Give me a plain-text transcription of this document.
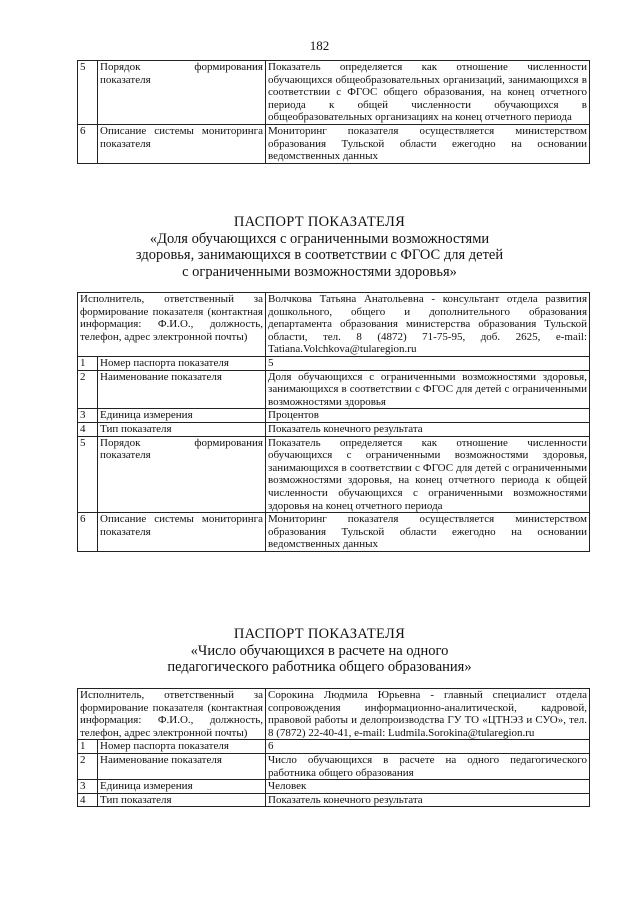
182
5	Порядок формирования показателя	Показатель определяется как отношение численности обучающихся общеобразовательных организаций, занимающихся в соответствии с ФГОС общего образования, на конец отчетного периода к общей численности обучающихся в общеобразовательных организациях на конец отчетного периода
6	Описание системы мониторинга показателя	Мониторинг показателя осуществляется министерством образования Тульской области ежегодно на основании ведомственных данных
ПАСПОРТ ПОКАЗАТЕЛЯ
«Доля обучающихся с ограниченными возможностями
здоровья, занимающихся в соответствии с ФГОС для детей
с ограниченными возможностями здоровья»
Исполнитель, ответственный за формирование показателя (контактная информация: Ф.И.О., должность, телефон, адрес электронной почты)		Волчкова Татьяна Анатольевна - консультант отдела развития дошкольного, общего и дополнительного образования департамента образования министерства образования Тульской области, тел. 8 (4872) 71-75-95, доб. 2625, e-mail: Tatiana.Volchkova@tularegion.ru
1	Номер паспорта показателя	5
2	Наименование показателя	Доля обучающихся с ограниченными возможностями здоровья, занимающихся в соответствии с ФГОС для детей с ограниченными возможностями здоровья
3	Единица измерения	Процентов
4	Тип показателя	Показатель конечного результата
5	Порядок формирования показателя	Показатель определяется как отношение численности обучающихся с ограниченными возможностями здоровья, занимающихся в соответствии с ФГОС для детей с ограниченными возможностями здоровья, на конец отчетного периода к общей численности обучающихся с ограниченными возможностями здоровья на конец отчетного периода
6	Описание системы мониторинга показателя	Мониторинг показателя осуществляется министерством образования Тульской области ежегодно на основании ведомственных данных
ПАСПОРТ ПОКАЗАТЕЛЯ
«Число обучающихся в расчете на одного
педагогического работника общего образования»
Исполнитель, ответственный за формирование показателя (контактная информация: Ф.И.О., должность, телефон, адрес электронной почты)		Сорокина Людмила Юрьевна - главный специалист отдела сопровождения информационно-аналитической, кадровой, правовой работы и делопроизводства ГУ ТО «ЦТНЭЗ и СУО», тел. 8 (7872) 22-40-41, e-mail: Ludmila.Sorokina@tularegion.ru
1	Номер паспорта показателя	6
2	Наименование показателя	Число обучающихся в расчете на одного педагогического работника общего образования
3	Единица измерения	Человек
4	Тип показателя	Показатель конечного результата
